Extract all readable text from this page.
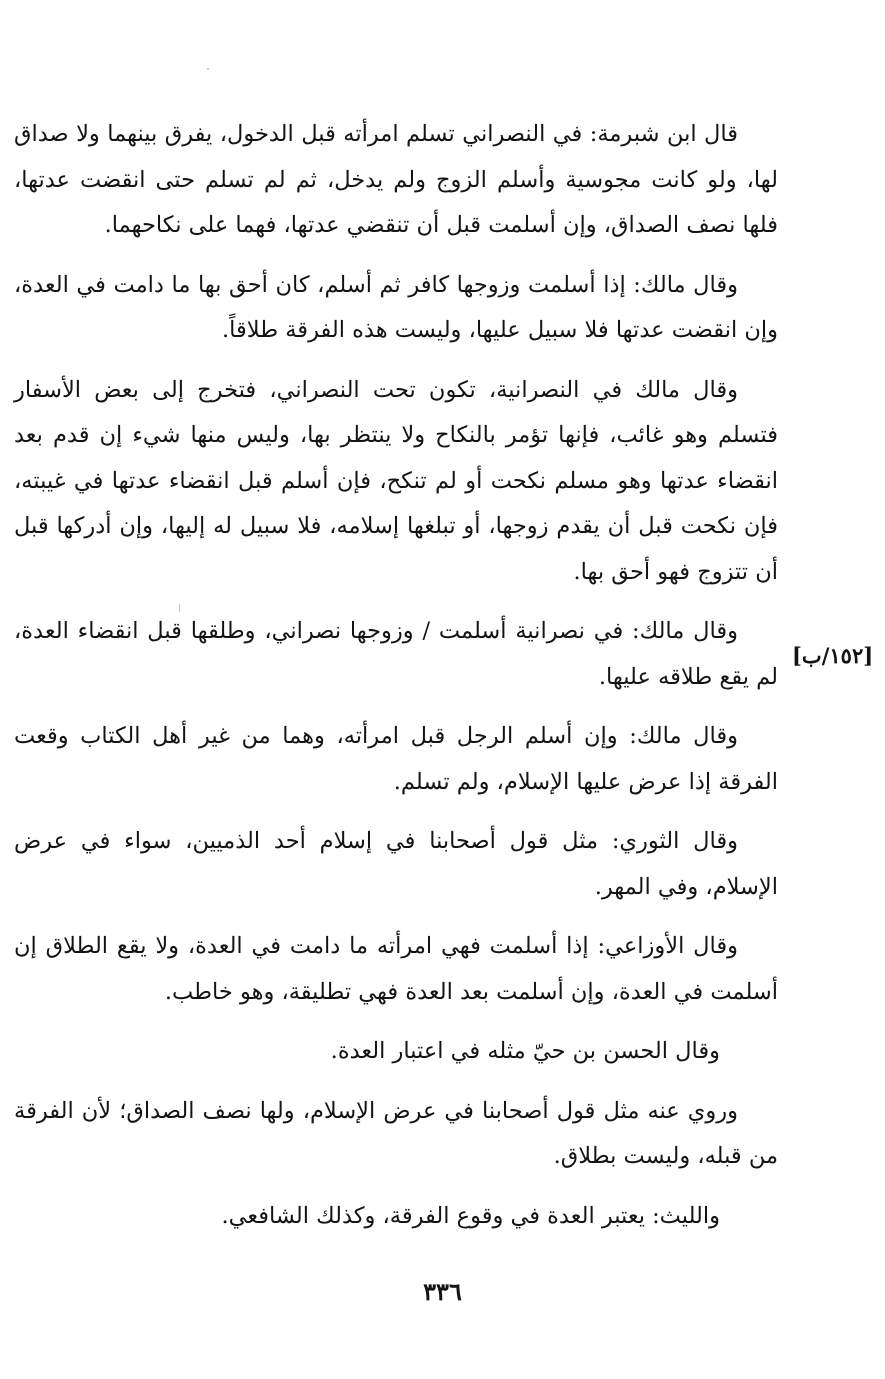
قال ابن شبرمة: في النصراني تسلم امرأته قبل الدخول، يفرق بينهما ولا صداق لها، ولو كانت مجوسية وأسلم الزوج ولم يدخل، ثم لم تسلم حتى انقضت عدتها، فلها نصف الصداق، وإن أسلمت قبل أن تنقضي عدتها، فهما على نكاحهما.

وقال مالك: إذا أسلمت وزوجها كافر ثم أسلم، كان أحق بها ما دامت في العدة، وإن انقضت عدتها فلا سبيل عليها، وليست هذه الفرقة طلاقاً.

وقال مالك في النصرانية، تكون تحت النصراني، فتخرج إلى بعض الأسفار فتسلم وهو غائب، فإنها تؤمر بالنكاح ولا ينتظر بها، وليس منها شيء إن قدم بعد انقضاء عدتها وهو مسلم نكحت أو لم تنكح، فإن أسلم قبل انقضاء عدتها في غيبته، فإن نكحت قبل أن يقدم زوجها، أو تبلغها إسلامه، فلا سبيل له إليها، وإن أدركها قبل أن تتزوج فهو أحق بها.

وقال مالك: في نصرانية أسلمت / وزوجها نصراني، وطلقها قبل انقضاء العدة، لم يقع طلاقه عليها.

وقال مالك: وإن أسلم الرجل قبل امرأته، وهما من غير أهل الكتاب وقعت الفرقة إذا عرض عليها الإسلام، ولم تسلم.

وقال الثوري: مثل قول أصحابنا في إسلام أحد الذميين، سواء في عرض الإسلام، وفي المهر.

وقال الأوزاعي: إذا أسلمت فهي امرأته ما دامت في العدة، ولا يقع الطلاق إن أسلمت في العدة، وإن أسلمت بعد العدة فهي تطليقة، وهو خاطب.

وقال الحسن بن حيّ مثله في اعتبار العدة.

وروي عنه مثل قول أصحابنا في عرض الإسلام، ولها نصف الصداق؛ لأن الفرقة من قبله، وليست بطلاق.

والليث: يعتبر العدة في وقوع الفرقة، وكذلك الشافعي.

[١٥٢/ب]
٣٣٦
